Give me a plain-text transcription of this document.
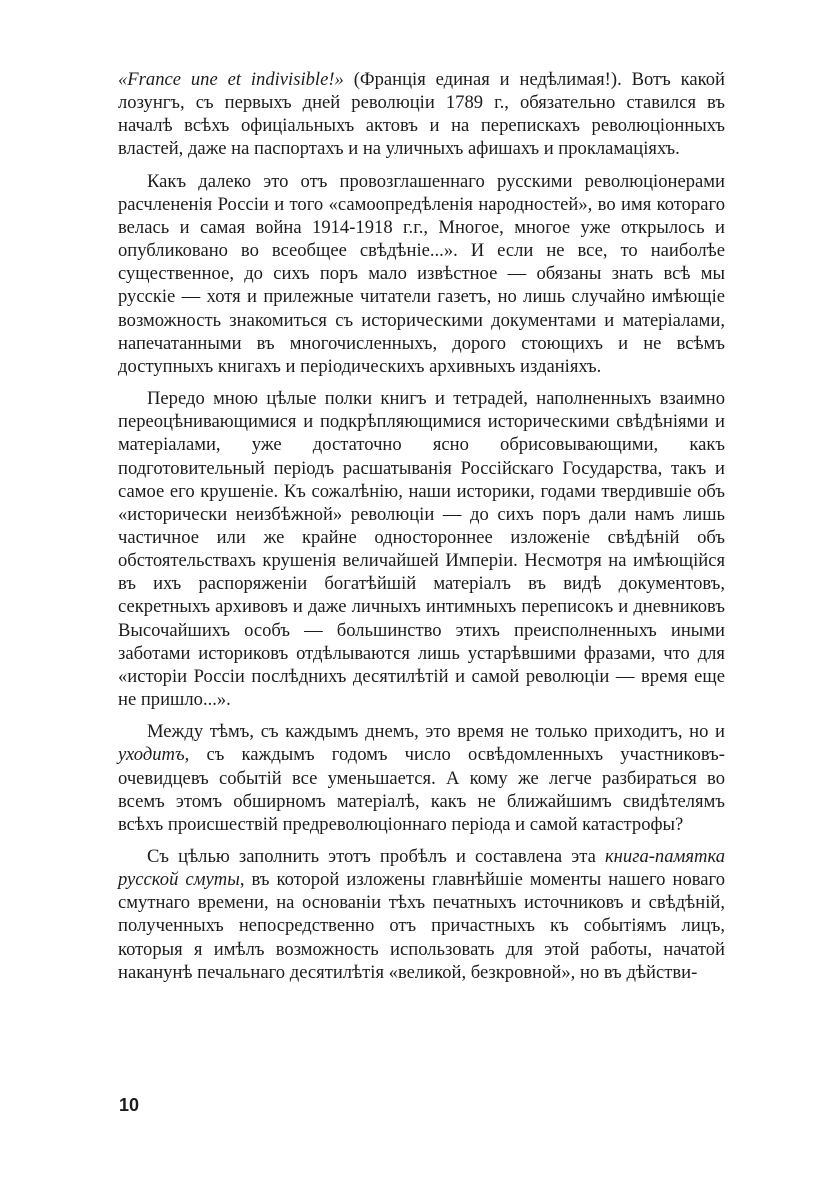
«France une et indivisible!» (Франція единая и недѣлимая!). Вотъ какой лозунгъ, съ первыхъ дней революціи 1789 г., обязательно ставился въ началѣ всѣхъ офиціальныхъ актовъ и на перепискахъ революціонныхъ властей, даже на паспортахъ и на уличныхъ афишахъ и прокламаціяхъ.

Какъ далеко это отъ провозглашеннаго русскими революціонерами расчлененія Россіи и того «самоопредѣленія народностей», во имя котораго велась и самая война 1914-1918 г.г., Многое, многое уже открылось и опубликовано во всеобщее свѣдѣніе...». И если не все, то наиболѣе существенное, до сихъ поръ мало извѣстное — обязаны знать всѣ мы русскіе — хотя и прилежные читатели газетъ, но лишь случайно имѣющіе возможность знакомиться съ историческими документами и матеріалами, напечатанными въ многочисленныхъ, дорого стоющихъ и не всѣмъ доступныхъ книгахъ и періодическихъ архивныхъ изданіяхъ.

Передо мною цѣлые полки книгъ и тетрадей, наполненныхъ взаимно переоцѣнивающимися и подкрѣпляющимися историческими свѣдѣніями и матеріалами, уже достаточно ясно обрисовывающими, какъ подготовительный періодъ расшатыванія Россійскаго Государства, такъ и самое его крушеніе. Къ сожалѣнію, наши историки, годами твердившіе объ «исторически неизбѣжной» революціи — до сихъ поръ дали намъ лишь частичное или же крайне одностороннее изложеніе свѣдѣній объ обстоятельствахъ крушенія величайшей Имперіи. Несмотря на имѣющійся въ ихъ распоряженіи богатѣйшій матеріалъ въ видѣ документовъ, секретныхъ архивовъ и даже личныхъ интимныхъ переписокъ и дневниковъ Высочайшихъ особъ — большинство этихъ преисполненныхъ иными заботами историковъ отдѣлываются лишь устарѣвшими фразами, что для «исторіи Россіи послѣднихъ десятилѣтій и самой революціи — время еще не пришло...».

Между тѣмъ, съ каждымъ днемъ, это время не только приходитъ, но и уходитъ, съ каждымъ годомъ число освѣдомленныхъ участниковъ-очевидцевъ событій все уменьшается. А кому же легче разбираться во всемъ этомъ обширномъ матеріалѣ, какъ не ближайшимъ свидѣтелямъ всѣхъ происшествій предреволюціоннаго періода и самой катастрофы?

Съ цѣлью заполнить этотъ пробѣлъ и составлена эта книга-памятка русской смуты, въ которой изложены главнѣйшіе моменты нашего новаго смутнаго времени, на основаніи тѣхъ печатныхъ источниковъ и свѣдѣній, полученныхъ непосредственно отъ причастныхъ къ событіямъ лицъ, которыя я имѣлъ возможность использовать для этой работы, начатой наканунѣ печальнаго десятилѣтія «великой, безкровной», но въ дѣйстви-

10
